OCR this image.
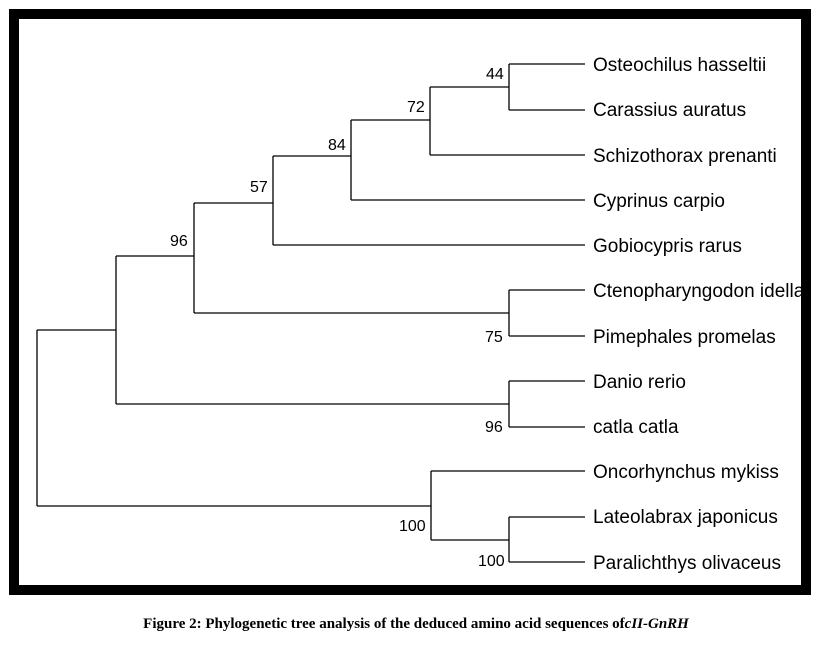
Osteochilus hasseltii
Carassius auratus
Schizothorax prenanti
Cyprinus carpio
Gobiocypris rarus
Ctenopharyngodon idella
Pimephales promelas
Danio rerio
catla catla
Oncorhynchus mykiss
Lateolabrax japonicus
Paralichthys olivaceus
44
72
84
57
96
75
96
100
100
Figure 2: Phylogenetic tree analysis of the deduced amino acid sequences ofcII-GnRH
